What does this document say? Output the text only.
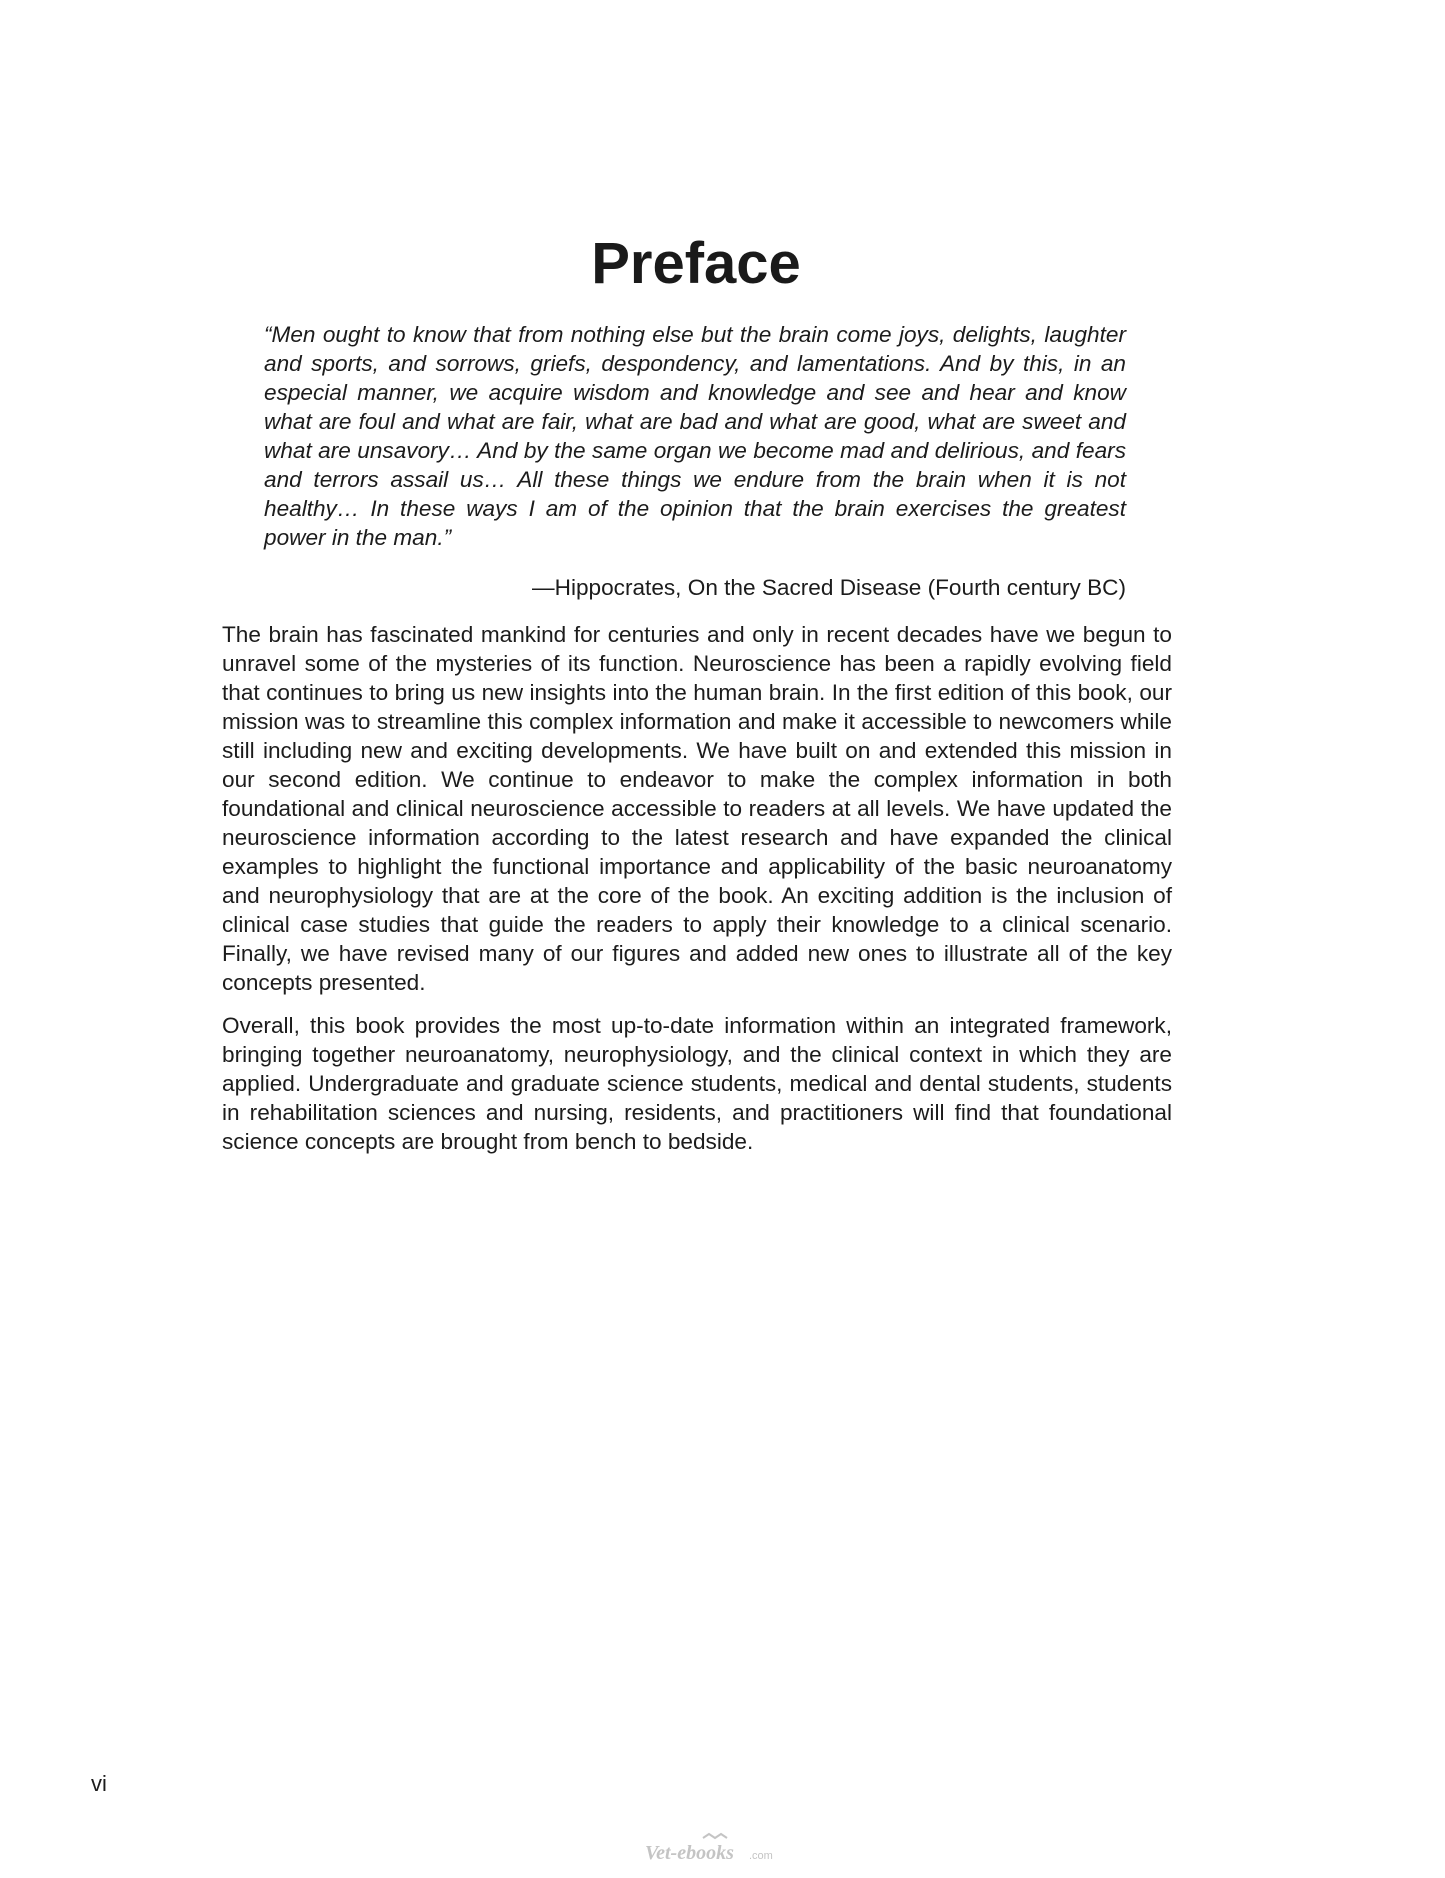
Preface

“Men ought to know that from nothing else but the brain come joys, delights, laughter and sports, and sorrows, griefs, despondency, and lamentations. And by this, in an especial manner, we acquire wisdom and knowledge and see and hear and know what are foul and what are fair, what are bad and what are good, what are sweet and what are unsavory… And by the same organ we become mad and delirious, and fears and terrors assail us… All these things we endure from the brain when it is not healthy… In these ways I am of the opinion that the brain exercises the greatest power in the man.”

—Hippocrates, On the Sacred Disease (Fourth century BC)

The brain has fascinated mankind for centuries and only in recent decades have we begun to unravel some of the mysteries of its function. Neuroscience has been a rapidly evolving field that continues to bring us new insights into the human brain. In the first edition of this book, our mission was to streamline this complex information and make it accessible to newcomers while still including new and exciting developments. We have built on and extended this mission in our second edition. We continue to endeavor to make the complex information in both foundational and clinical neuroscience accessible to readers at all levels. We have updated the neuroscience information according to the latest research and have expanded the clinical examples to highlight the functional importance and applicability of the basic neuroanatomy and neurophysiology that are at the core of the book. An exciting addition is the inclusion of clinical case studies that guide the readers to apply their knowledge to a clinical scenario. Finally, we have revised many of our figures and added new ones to illustrate all of the key concepts presented.

Overall, this book provides the most up-to-date information within an integrated framework, bringing together neuroanatomy, neurophysiology, and the clinical context in which they are applied. Undergraduate and graduate science students, medical and dental students, students in rehabilitation sciences and nursing, residents, and practitioners will find that foundational science concepts are brought from bench to bedside.

vi
Vet-ebooks .com
